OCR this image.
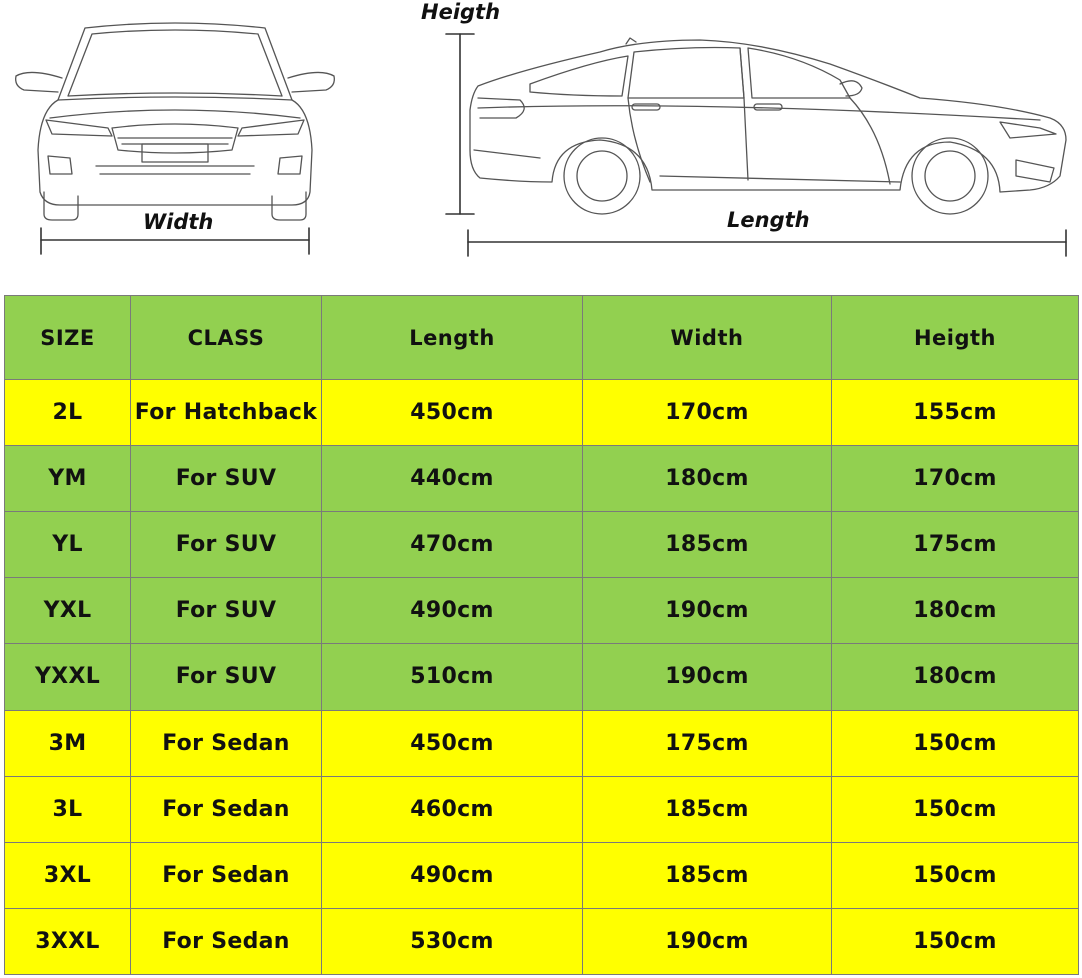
Width	Length
Heigth
SIZE	CLASS	Length	Width	Heigth
2L	For Hatchback	450cm	170cm	155cm
YM	For SUV	440cm	180cm	170cm
YL	For SUV	470cm	185cm	175cm
YXL	For SUV	490cm	190cm	180cm
YXXL	For SUV	510cm	190cm	180cm
3M	For Sedan	450cm	175cm	150cm
3L	For Sedan	460cm	185cm	150cm
3XL	For Sedan	490cm	185cm	150cm
3XXL	For Sedan	530cm	190cm	150cm
